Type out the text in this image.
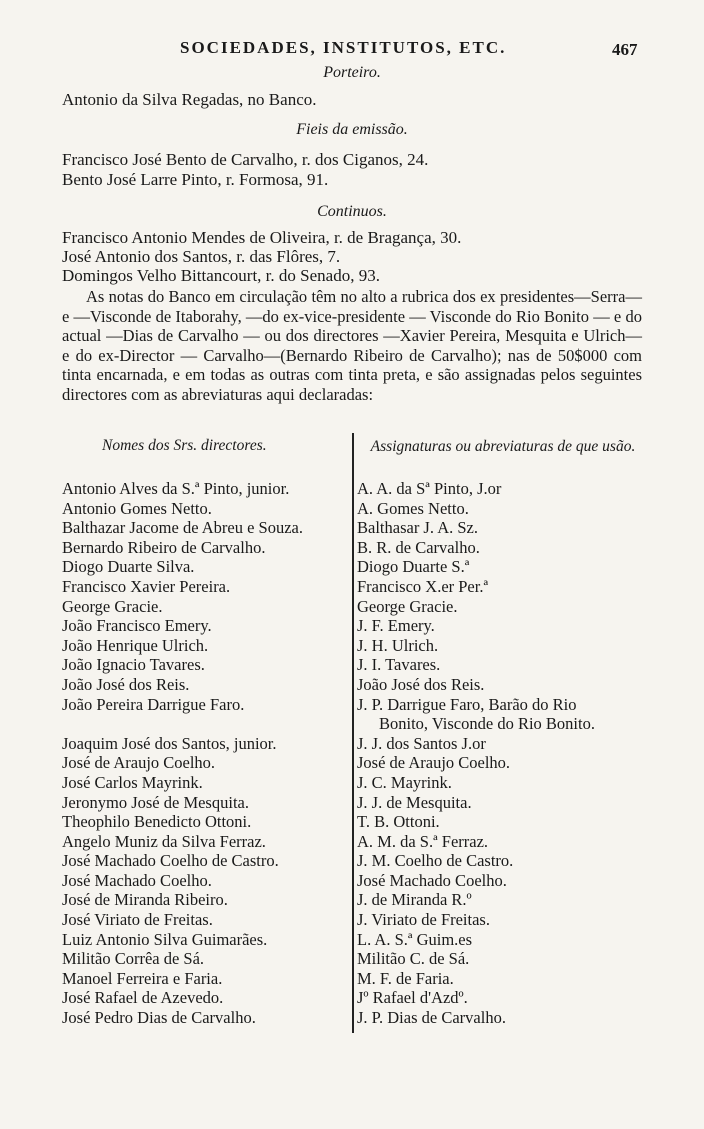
SOCIEDADES, INSTITUTOS, ETC.	467
Porteiro.
Antonio da Silva Regadas, no Banco.
Fieis da emissão.
Francisco José Bento de Carvalho, r. dos Ciganos, 24.
Bento José Larre Pinto, r. Formosa, 91.
Continuos.
Francisco Antonio Mendes de Oliveira, r. de Bragança, 30.
José Antonio dos Santos, r. das Flôres, 7.
Domingos Velho Bittancourt, r. do Senado, 93.
As notas do Banco em circulação têm no alto a rubrica dos ex presidentes—Serra— e —Visconde de Itaborahy, —do ex-vice-presidente — Visconde do Rio Bonito — e do actual —Dias de Carvalho — ou dos directores —Xavier Pereira, Mesquita e Ulrich— e do ex-Director — Carvalho—(Bernardo Ribeiro de Carvalho); nas de 50$000 com tinta encarnada, e em todas as outras com tinta preta, e são assignadas pelos seguintes directores com as abreviaturas aqui declaradas:
Nomes dos Srs. directores.	Assignaturas ou abreviaturas de que usão.
Antonio Alves da S.ª Pinto, junior.
Antonio Gomes Netto.
Balthazar Jacome de Abreu e Souza.
Bernardo Ribeiro de Carvalho.
Diogo Duarte Silva.
Francisco Xavier Pereira.
George Gracie.
João Francisco Emery.
João Henrique Ulrich.
João Ignacio Tavares.
João José dos Reis.
João Pereira Darrigue Faro.
Joaquim José dos Santos, junior.
José de Araujo Coelho.
José Carlos Mayrink.
Jeronymo José de Mesquita.
Theophilo Benedicto Ottoni.
Angelo Muniz da Silva Ferraz.
José Machado Coelho de Castro.
José Machado Coelho.
José de Miranda Ribeiro.
José Viriato de Freitas.
Luiz Antonio Silva Guimarães.
Militão Corrêa de Sá.
Manoel Ferreira e Faria.
José Rafael de Azevedo.
José Pedro Dias de Carvalho.
A. A. da Sª Pinto, J.or
A. Gomes Netto.
Balthasar J. A. Sz.
B. R. de Carvalho.
Diogo Duarte S.ª
Francisco X.er Per.ª
George Gracie.
J. F. Emery.
J. H. Ulrich.
J. I. Tavares.
João José dos Reis.
J. P. Darrigue Faro, Barão do Rio
Bonito, Visconde do Rio Bonito.
J. J. dos Santos J.or
José de Araujo Coelho.
J. C. Mayrink.
J. J. de Mesquita.
T. B. Ottoni.
A. M. da S.ª Ferraz.
J. M. Coelho de Castro.
José Machado Coelho.
J. de Miranda R.º
J. Viriato de Freitas.
L. A. S.ª Guim.es
Militão C. de Sá.
M. F. de Faria.
Jº Rafael d'Azdº.
J. P. Dias de Carvalho.
